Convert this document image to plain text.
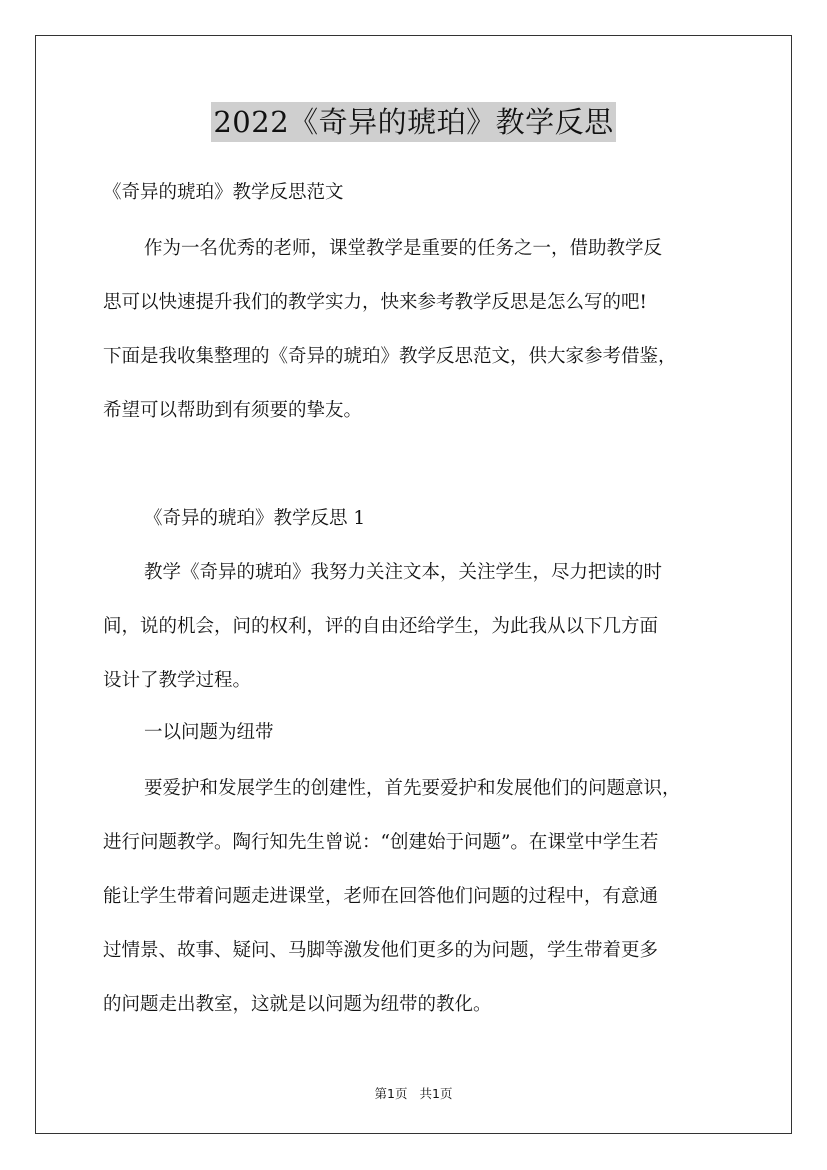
2022《奇异的琥珀》教学反思
《奇异的琥珀》教学反思范文
作为一名优秀的老师，课堂教学是重要的任务之一，借助教学反
思可以快速提升我们的教学实力，快来参考教学反思是怎么写的吧!
下面是我收集整理的《奇异的琥珀》教学反思范文，供大家参考借鉴，
希望可以帮助到有须要的挚友。
《奇异的琥珀》教学反思 1
教学《奇异的琥珀》我努力关注文本，关注学生，尽力把读的时
间，说的机会，问的权利，评的自由还给学生，为此我从以下几方面
设计了教学过程。
一以问题为纽带
要爱护和发展学生的创建性，首先要爱护和发展他们的问题意识，
进行问题教学。陶行知先生曾说：“创建始于问题”。在课堂中学生若
能让学生带着问题走进课堂，老师在回答他们问题的过程中，有意通
过情景、故事、疑问、马脚等激发他们更多的为问题，学生带着更多
的问题走出教室，这就是以问题为纽带的教化。
第1页 共1页
